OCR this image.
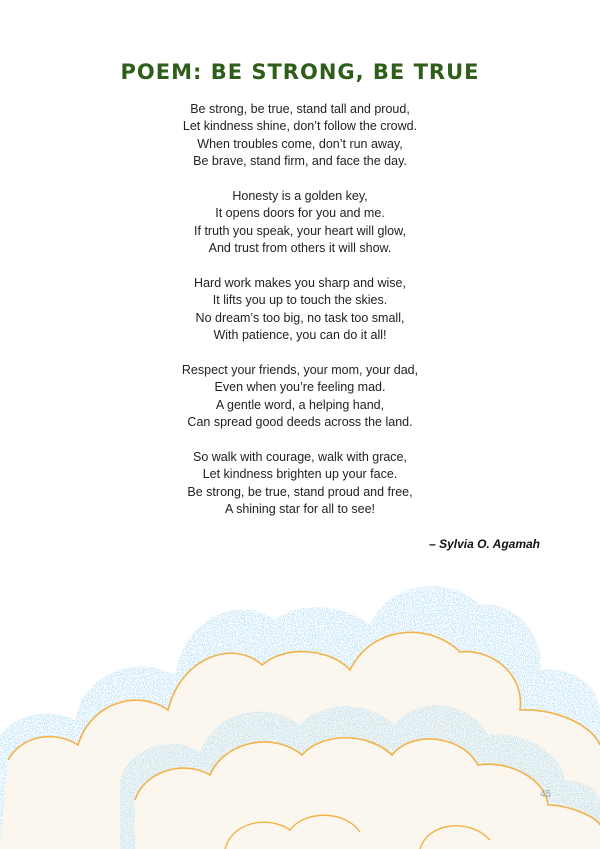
POEM: BE STRONG, BE TRUE
Be strong, be true, stand tall and proud,
Let kindness shine, don’t follow the crowd.
When troubles come, don’t run away,
Be brave, stand firm, and face the day.
Honesty is a golden key,
It opens doors for you and me.
If truth you speak, your heart will glow,
And trust from others it will show.
Hard work makes you sharp and wise,
It lifts you up to touch the skies.
No dream’s too big, no task too small,
With patience, you can do it all!
Respect your friends, your mom, your dad,
Even when you’re feeling mad.
A gentle word, a helping hand,
Can spread good deeds across the land.
So walk with courage, walk with grace,
Let kindness brighten up your face.
Be strong, be true, stand proud and free,
A shining star for all to see!
– Sylvia O. Agamah
45
